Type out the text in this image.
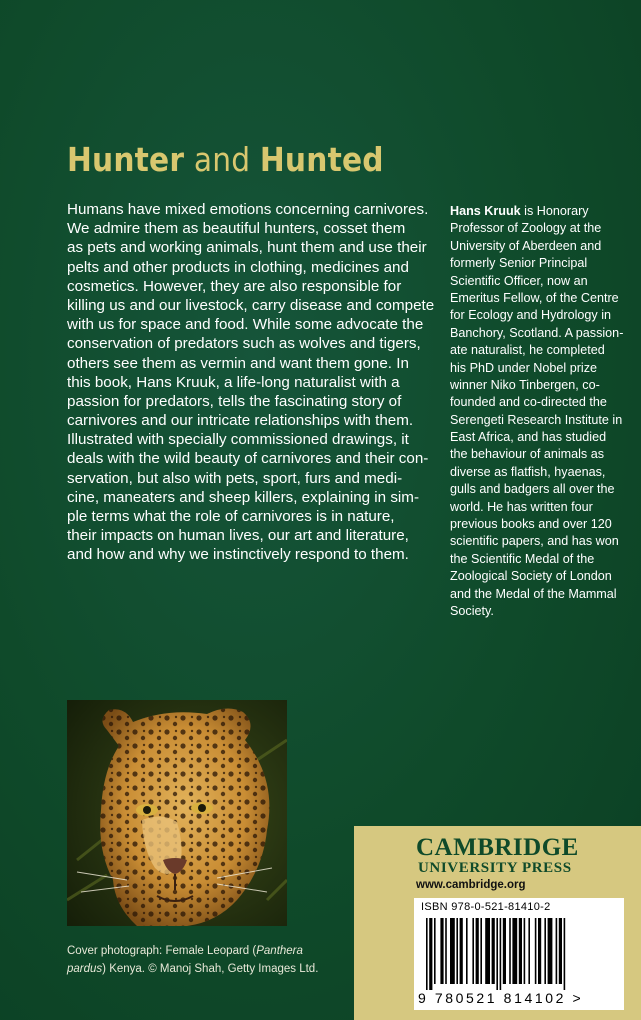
Hunter and Hunted
Humans have mixed emotions concerning carnivores.
We admire them as beautiful hunters, cosset them
as pets and working animals, hunt them and use their
pelts and other products in clothing, medicines and
cosmetics. However, they are also responsible for
killing us and our livestock, carry disease and compete
with us for space and food. While some advocate the
conservation of predators such as wolves and tigers,
others see them as vermin and want them gone. In
this book, Hans Kruuk, a life-long naturalist with a
passion for predators, tells the fascinating story of
carnivores and our intricate relationships with them.
Illustrated with specially commissioned drawings, it
deals with the wild beauty of carnivores and their con-
servation, but also with pets, sport, furs and medi-
cine, maneaters and sheep killers, explaining in sim-
ple terms what the role of carnivores is in nature,
their impacts on human lives, our art and literature,
and how and why we instinctively respond to them.
Hans Kruuk is Honorary
Professor of Zoology at the
University of Aberdeen and
formerly Senior Principal
Scientific Officer, now an
Emeritus Fellow, of the Centre
for Ecology and Hydrology in
Banchory, Scotland. A passion-
ate naturalist, he completed
his PhD under Nobel prize
winner Niko Tinbergen, co-
founded and co-directed the
Serengeti Research Institute in
East Africa, and has studied
the behaviour of animals as
diverse as flatfish, hyaenas,
gulls and badgers all over the
world. He has written four
previous books and over 120
scientific papers, and has won
the Scientific Medal of the
Zoological Society of London
and the Medal of the Mammal
Society.
Cover photograph: Female Leopard (Panthera
pardus) Kenya. © Manoj Shah, Getty Images Ltd.
CAMBRIDGE
UNIVERSITY PRESS
www.cambridge.org
ISBN 978-0-521-81410-2
9 780521 814102 >
